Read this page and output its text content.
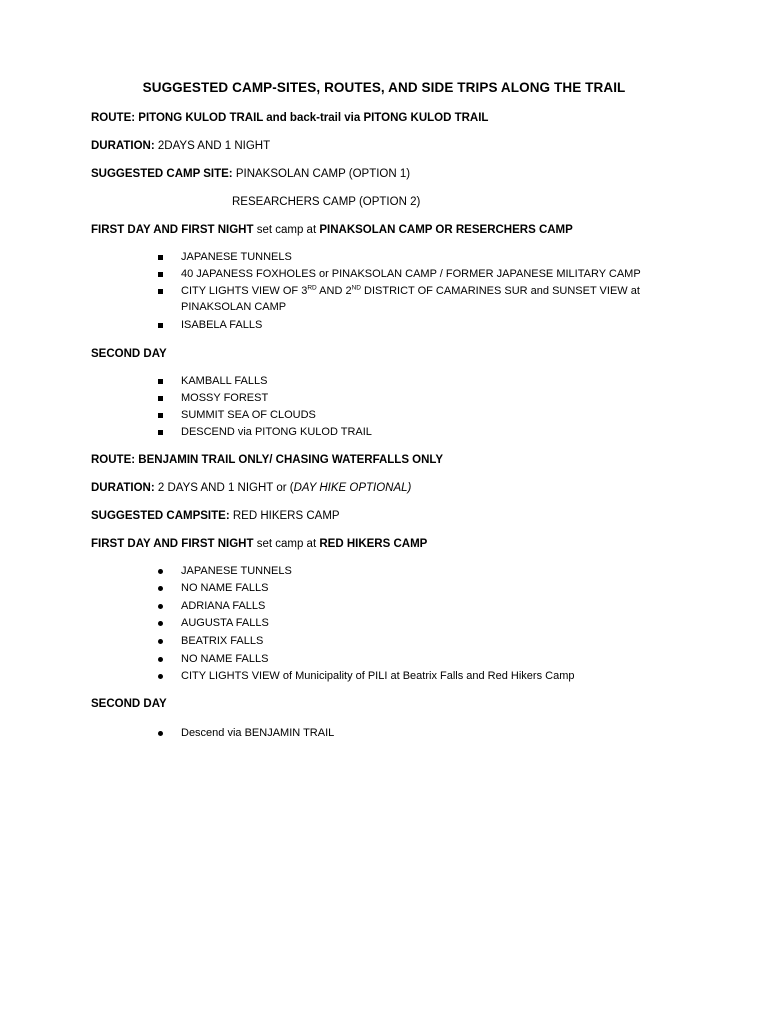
SUGGESTED CAMP-SITES, ROUTES, AND SIDE TRIPS ALONG THE TRAIL
ROUTE: PITONG KULOD TRAIL and back-trail via PITONG KULOD TRAIL
DURATION: 2DAYS AND 1 NIGHT
SUGGESTED CAMP SITE: PINAKSOLAN CAMP (OPTION 1)
RESEARCHERS CAMP (OPTION 2)
FIRST DAY AND FIRST NIGHT set camp at PINAKSOLAN CAMP OR RESERCHERS CAMP
JAPANESE TUNNELS
40 JAPANESS FOXHOLES or PINAKSOLAN CAMP / FORMER JAPANESE MILITARY CAMP
CITY LIGHTS VIEW OF 3RD AND 2ND DISTRICT OF CAMARINES SUR and SUNSET VIEW at
PINAKSOLAN CAMP
ISABELA FALLS
SECOND DAY
KAMBALL FALLS
MOSSY FOREST
SUMMIT SEA OF CLOUDS
DESCEND via PITONG KULOD TRAIL
ROUTE: BENJAMIN TRAIL ONLY/ CHASING WATERFALLS ONLY
DURATION: 2 DAYS AND 1 NIGHT or (DAY HIKE OPTIONAL)
SUGGESTED CAMPSITE: RED HIKERS CAMP
FIRST DAY AND FIRST NIGHT set camp at RED HIKERS CAMP
JAPANESE TUNNELS
NO NAME FALLS
ADRIANA FALLS
AUGUSTA FALLS
BEATRIX FALLS
NO NAME FALLS
CITY LIGHTS VIEW of Municipality of PILI at Beatrix Falls and Red Hikers Camp
SECOND DAY
Descend via BENJAMIN TRAIL
